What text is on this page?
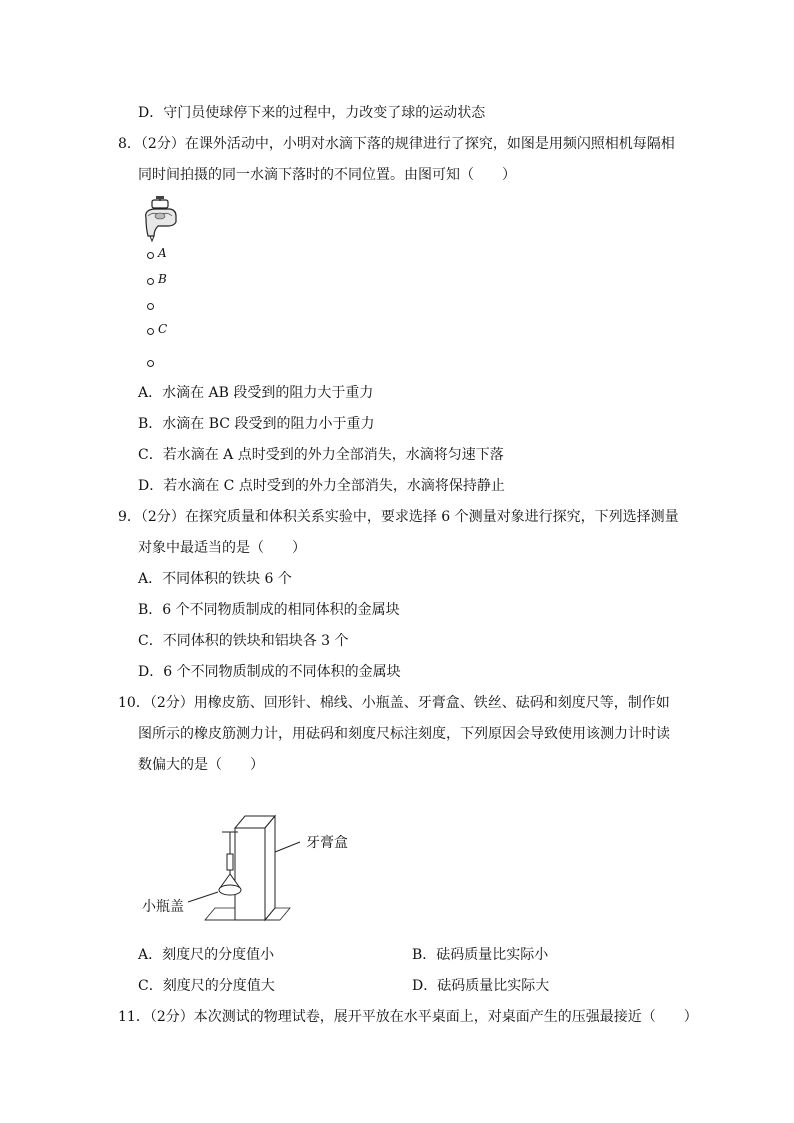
D．守门员使球停下来的过程中，力改变了球的运动状态
8．（2分）在课外活动中，小明对水滴下落的规律进行了探究，如图是用频闪照相机每隔相
同时间拍摄的同一水滴下落时的不同位置。由图可知（　　）
A
B
C
A．水滴在 AB 段受到的阻力大于重力
B．水滴在 BC 段受到的阻力小于重力
C．若水滴在 A 点时受到的外力全部消失，水滴将匀速下落
D．若水滴在 C 点时受到的外力全部消失，水滴将保持静止
9．（2分）在探究质量和体积关系实验中，要求选择 6 个测量对象进行探究，下列选择测量
对象中最适当的是（　　）
A．不同体积的铁块 6 个
B．6 个不同物质制成的相同体积的金属块
C．不同体积的铁块和铝块各 3 个
D．6 个不同物质制成的不同体积的金属块
10．（2分）用橡皮筋、回形针、棉线、小瓶盖、牙膏盒、铁丝、砝码和刻度尺等，制作如
图所示的橡皮筋测力计，用砝码和刻度尺标注刻度，下列原因会导致使用该测力计时读
数偏大的是（　　）
牙膏盒
小瓶盖
A．刻度尺的分度值小	B．砝码质量比实际小
C．刻度尺的分度值大	D．砝码质量比实际大
11．（2分）本次测试的物理试卷，展开平放在水平桌面上，对桌面产生的压强最接近（　　）
